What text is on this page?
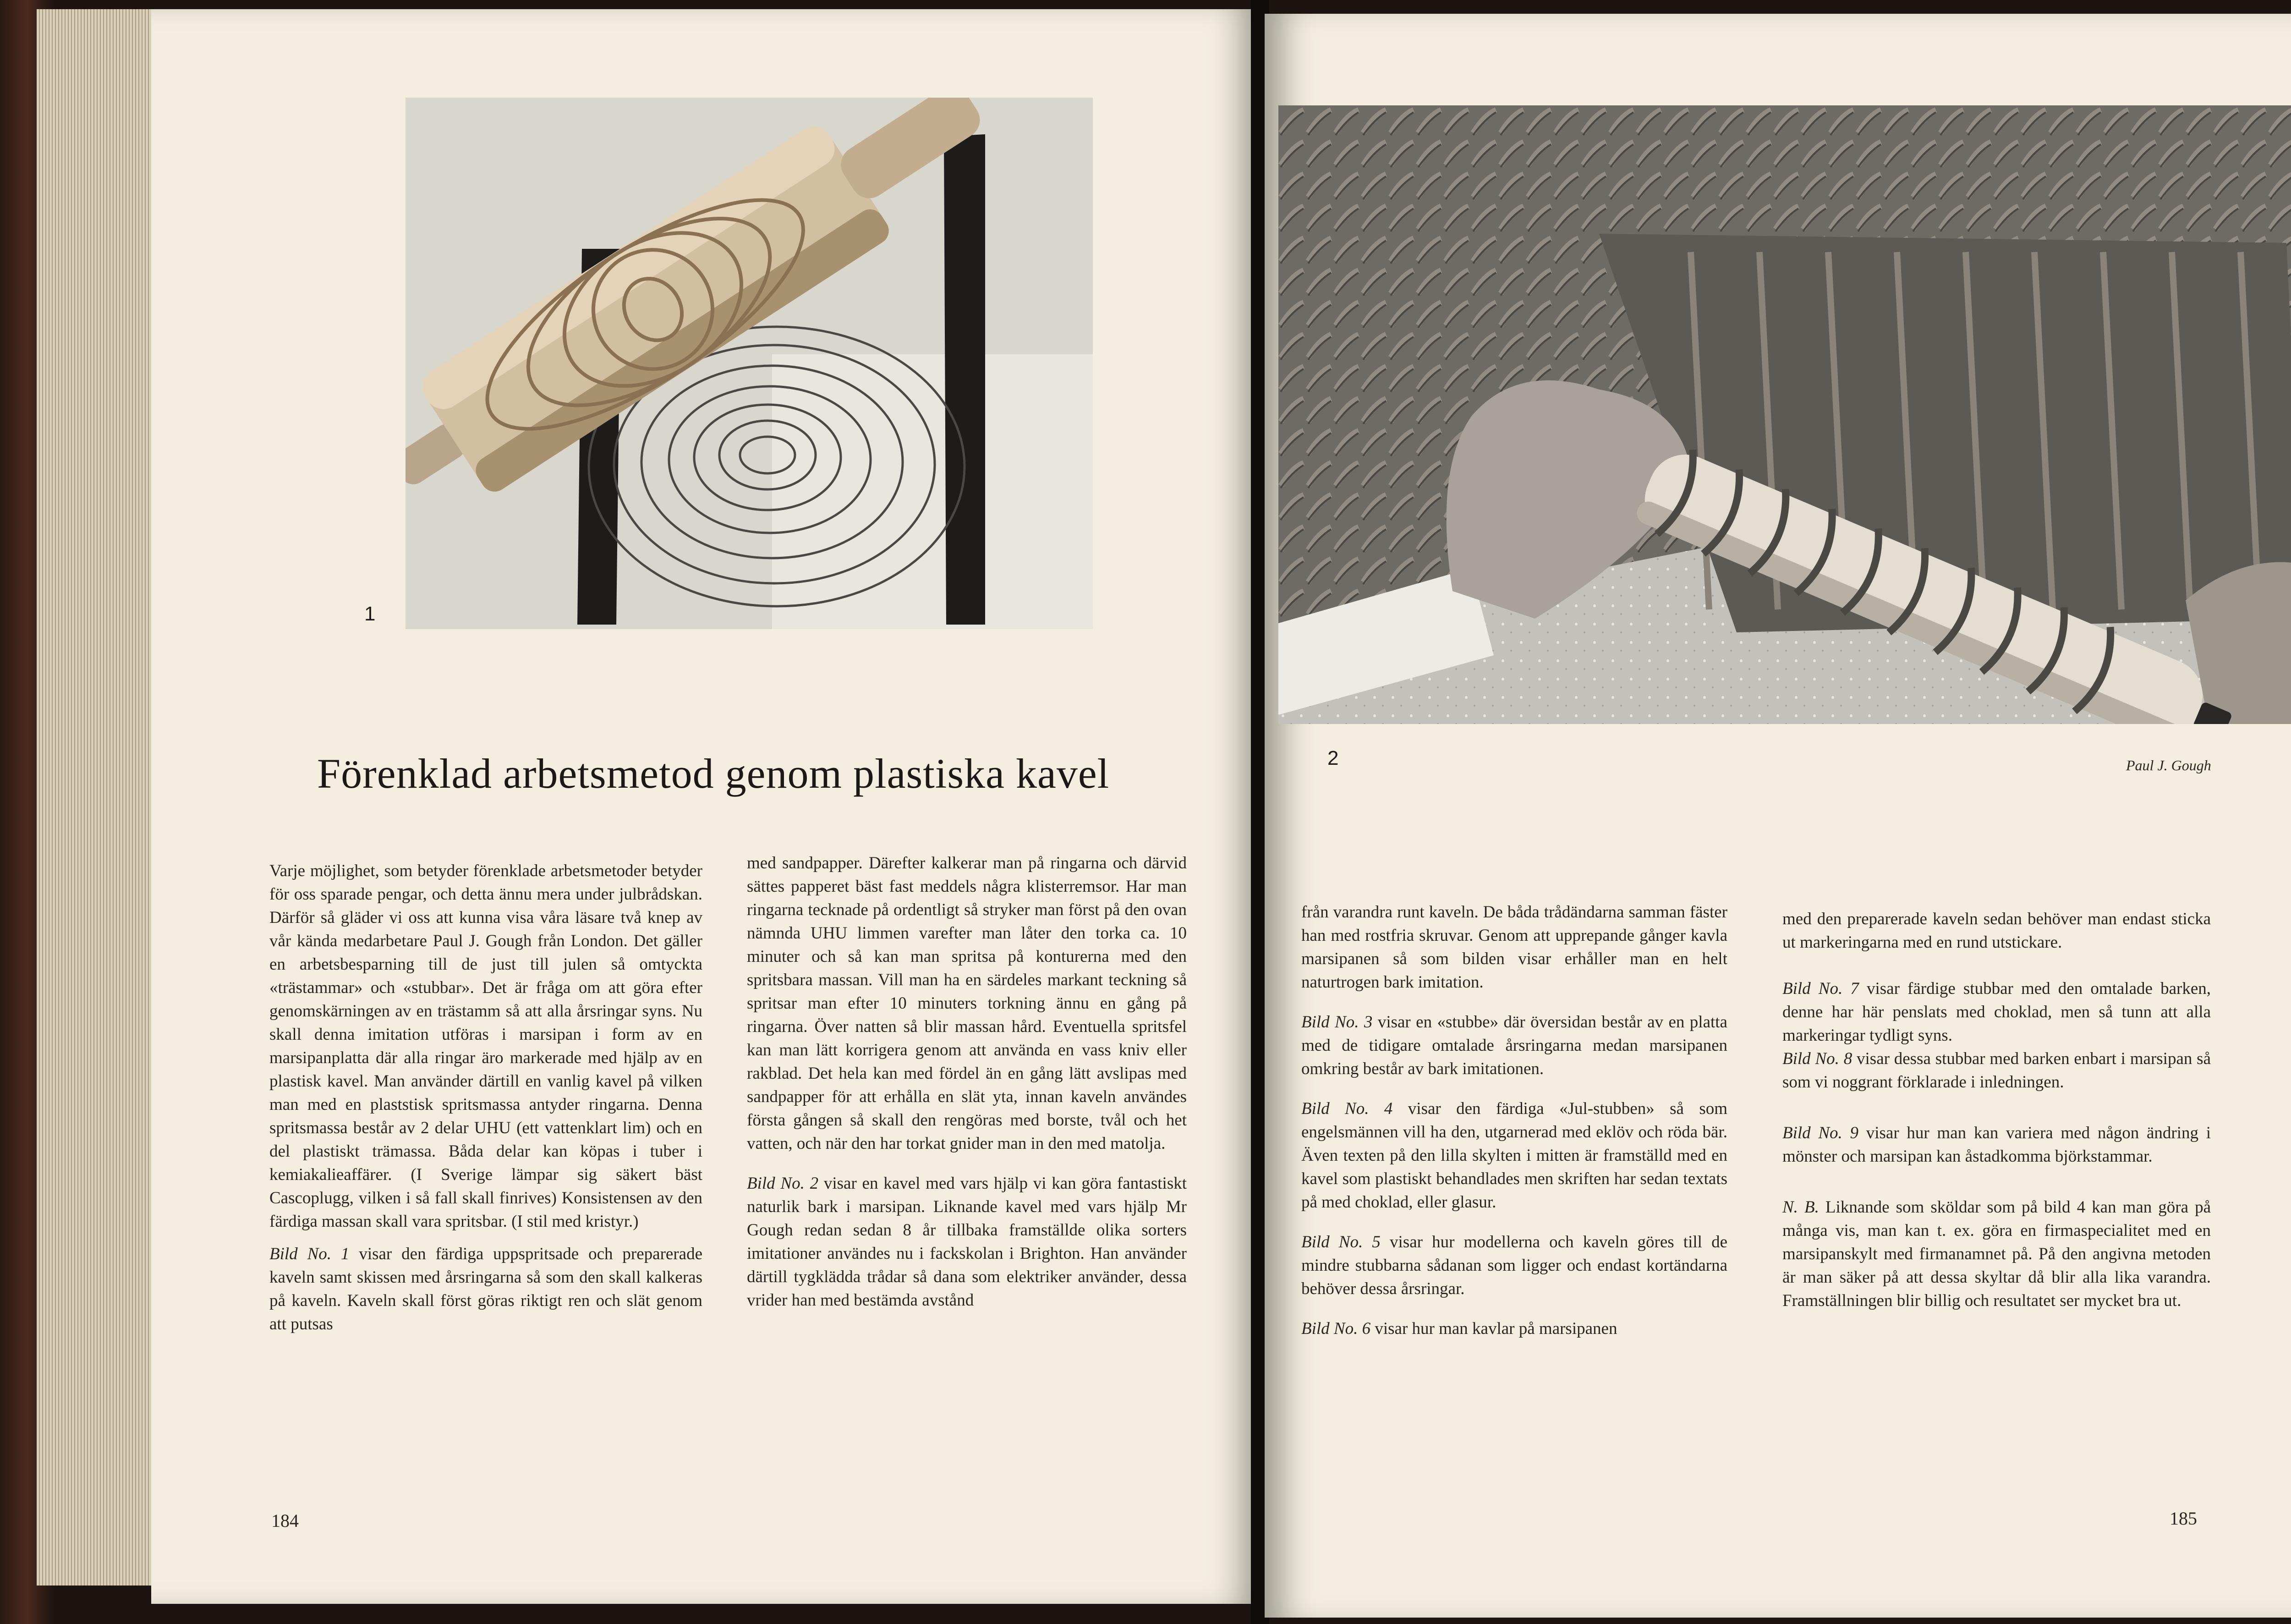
1
Förenklad arbetsmetod genom plastiska kavel

Varje möjlighet, som betyder förenklade arbetsmetoder betyder för oss sparade pengar, och detta ännu mera under julbrådskan. Därför så gläder vi oss att kunna visa våra läsare två knep av vår kända medarbetare Paul J. Gough från London. Det gäller en arbetsbesparning till de just till julen så omtyckta «trästammar» och «stubbar». Det är fråga om att göra efter genomskärningen av en trästamm så att alla årsringar syns. Nu skall denna imitation utföras i marsipan i form av en marsipanplatta där alla ringar äro markerade med hjälp av en plastisk kavel. Man använder därtill en vanlig kavel på vilken man med en plaststisk spritsmassa antyder ringarna. Denna spritsmassa består av 2 delar UHU (ett vattenklart lim) och en del plastiskt trämassa. Båda delar kan köpas i tuber i kemiakalieaffärer. (I Sverige lämpar sig säkert bäst Cascoplugg, vilken i så fall skall finrives) Konsistensen av den färdiga massan skall vara spritsbar. (I stil med kristyr.)

Bild No. 1 visar den färdiga uppspritsade och preparerade kaveln samt skissen med årsringarna så som den skall kalkeras på kaveln. Kaveln skall först göras riktigt ren och slät genom att putsas

med sandpapper. Därefter kalkerar man på ringarna och därvid sättes papperet bäst fast meddels några klisterremsor. Har man ringarna tecknade på ordentligt så stryker man först på den ovan nämnda UHU limmen varefter man låter den torka ca. 10 minuter och så kan man spritsa på konturerna med den spritsbara massan. Vill man ha en särdeles markant teckning så spritsar man efter 10 minuters torkning ännu en gång på ringarna. Över natten så blir massan hård. Eventuella spritsfel kan man lätt korrigera genom att använda en vass kniv eller rakblad. Det hela kan med fördel än en gång lätt avslipas med sandpapper för att erhålla en slät yta, innan kaveln användes första gången så skall den rengöras med borste, tvål och het vatten, och när den har torkat gnider man in den med matolja.

Bild No. 2 visar en kavel med vars hjälp vi kan göra fantastiskt naturlik bark i marsipan. Liknande kavel med vars hjälp Mr Gough redan sedan 8 år tillbaka framställde olika sorters imitationer användes nu i fackskolan i Brighton. Han använder därtill tygklädda trådar så dana som elektriker använder, dessa vrider han med bestämda avstånd

184
2	Paul J. Gough

från varandra runt kaveln. De båda trådändarna samman fäster han med rostfria skruvar. Genom att upprepande gånger kavla marsipanen så som bilden visar erhåller man en helt naturtrogen bark imitation.

Bild No. 3 visar en «stubbe» där översidan består av en platta med de tidigare omtalade årsringarna medan marsipanen omkring består av bark imitationen.

Bild No. 4 visar den färdiga «Jul-stubben» så som engelsmännen vill ha den, utgarnerad med eklöv och röda bär. Även texten på den lilla skylten i mitten är framställd med en kavel som plastiskt behandlades men skriften har sedan textats på med choklad, eller glasur.

Bild No. 5 visar hur modellerna och kaveln göres till de mindre stubbarna sådanan som ligger och endast kortändarna behöver dessa årsringar.

Bild No. 6 visar hur man kavlar på marsipanen

med den preparerade kaveln sedan behöver man endast sticka ut markeringarna med en rund utstickare.

Bild No. 7 visar färdige stubbar med den omtalade barken, denne har här penslats med choklad, men så tunn att alla markeringar tydligt syns.

Bild No. 8 visar dessa stubbar med barken enbart i marsipan så som vi noggrant förklarade i inledningen.

Bild No. 9 visar hur man kan variera med någon ändring i mönster och marsipan kan åstadkomma björkstammar.

N. B. Liknande som sköldar som på bild 4 kan man göra på många vis, man kan t. ex. göra en firmaspecialitet med en marsipanskylt med firmanamnet på. På den angivna metoden är man säker på att dessa skyltar då blir alla lika varandra. Framställningen blir billig och resultatet ser mycket bra ut.

185
